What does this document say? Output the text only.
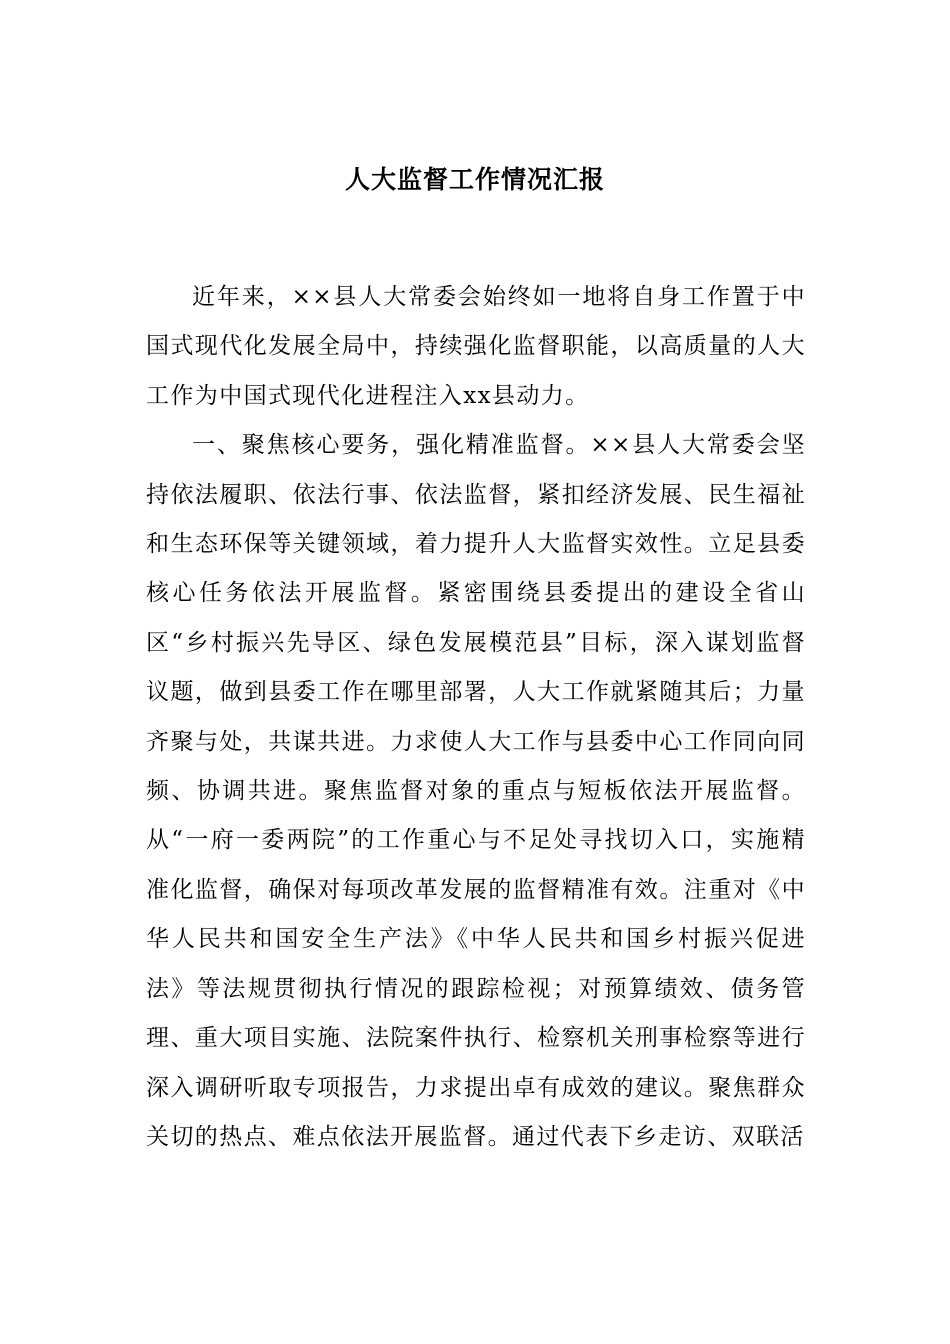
人大监督工作情况汇报

近年来，××县人大常委会始终如一地将自身工作置于中国式现代化发展全局中，持续强化监督职能，以高质量的人大工作为中国式现代化进程注入xx县动力。

一、聚焦核心要务，强化精准监督。××县人大常委会坚持依法履职、依法行事、依法监督，紧扣经济发展、民生福祉和生态环保等关键领域，着力提升人大监督实效性。立足县委核心任务依法开展监督。紧密围绕县委提出的建设全省山区“乡村振兴先导区、绿色发展模范县”目标，深入谋划监督议题，做到县委工作在哪里部署，人大工作就紧随其后；力量齐聚与处，共谋共进。力求使人大工作与县委中心工作同向同频、协调共进。聚焦监督对象的重点与短板依法开展监督。从“一府一委两院”的工作重心与不足处寻找切入口，实施精准化监督，确保对每项改革发展的监督精准有效。注重对《中华人民共和国安全生产法》《中华人民共和国乡村振兴促进法》等法规贯彻执行情况的跟踪检视；对预算绩效、债务管理、重大项目实施、法院案件执行、检察机关刑事检察等进行深入调研听取专项报告，力求提出卓有成效的建议。聚焦群众关切的热点、难点依法开展监督。通过代表下乡走访、双联活
